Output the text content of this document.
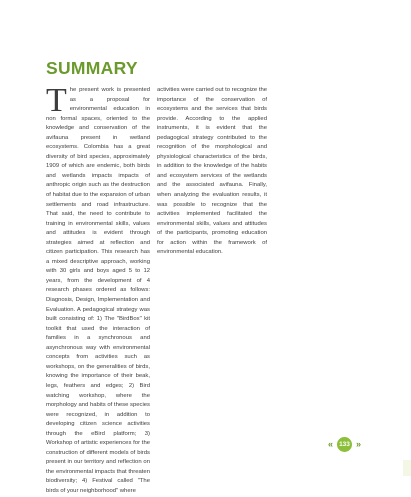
SUMMARY

The present work is presented as a proposal for environmental education in non formal spaces, oriented to the knowledge and conservation of the avifauna present in wetland ecosystems. Colombia has a great diversity of bird species, approximately 1909 of which are endemic, both birds and wetlands impacts impacts of anthropic origin such as the destruction of habitat due to the expansion of urban settlements and road infrastructure. That said, the need to contribute to training in environmental skills, values and attitudes is evident through strategies aimed at reflection and citizen participation. This research has a mixed descriptive approach, working with 30 girls and boys aged 5 to 12 years, from the development of 4 research phases ordered as follows: Diagnosis, Design, Implementation and Evaluation. A pedagogical strategy was built consisting of: 1) The "BirdBox" kit toolkit that used the interaction of families in a synchronous and asynchronous way with environmental concepts from activities such as workshops, on the generalities of birds, knowing the importance of their beak, legs, feathers and edges; 2) Bird watching workshop, where the morphology and habits of these species were recognized, in addition to developing citizen science activities through the eBird platform; 3) Workshop of artistic experiences for the construction of different models of birds present in our territory and reflection on the environmental impacts that threaten biodiversity; 4) Festival called "The birds of your neighborhood" where

activities were carried out to recognize the importance of the conservation of ecosystems and the services that birds provide. According to the applied instruments, it is evident that the pedagogical strategy contributed to the recognition of the morphological and physiological characteristics of the birds, in addition to the knowledge of the habits and ecosystem services of the wetlands and the associated avifauna. Finally, when analyzing the evaluation results, it was possible to recognize that the activities implemented facilitated the environmental skills, values and attitudes of the participants, promoting education for action within the framework of environmental education.

« 133 »
